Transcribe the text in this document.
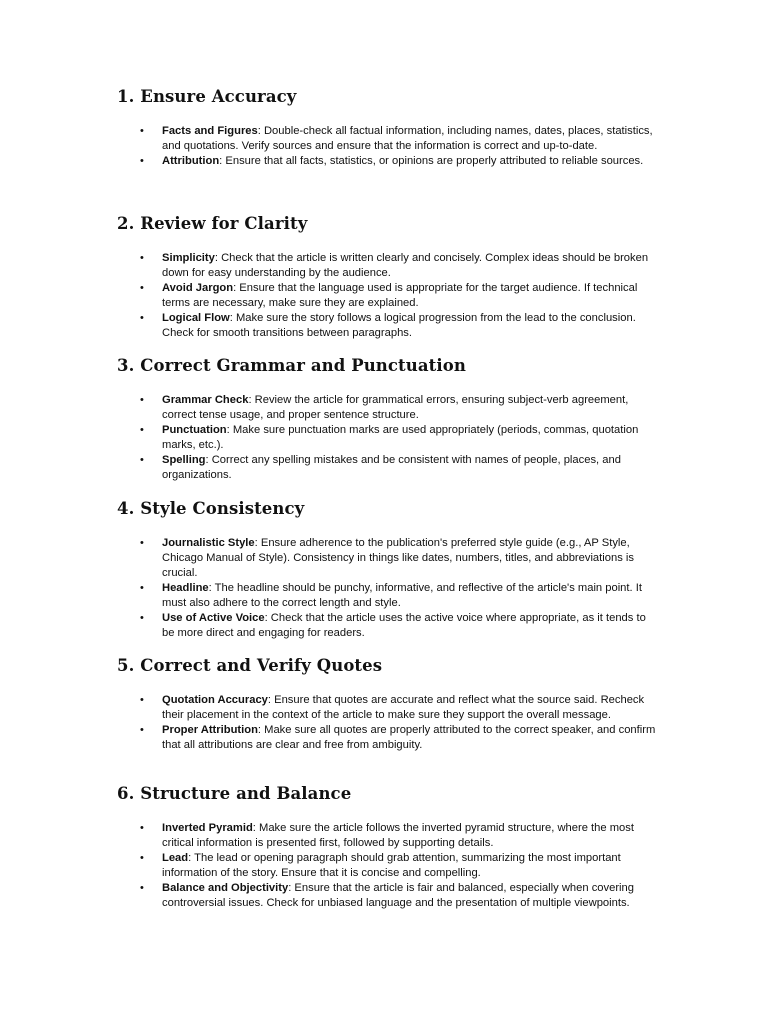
1. Ensure Accuracy
• Facts and Figures: Double-check all factual information, including names, dates, places, statistics, and quotations. Verify sources and ensure that the information is correct and up-to-date.
• Attribution: Ensure that all facts, statistics, or opinions are properly attributed to reliable sources.
2. Review for Clarity
• Simplicity: Check that the article is written clearly and concisely. Complex ideas should be broken down for easy understanding by the audience.
• Avoid Jargon: Ensure that the language used is appropriate for the target audience. If technical terms are necessary, make sure they are explained.
• Logical Flow: Make sure the story follows a logical progression from the lead to the conclusion. Check for smooth transitions between paragraphs.
3. Correct Grammar and Punctuation
• Grammar Check: Review the article for grammatical errors, ensuring subject-verb agreement, correct tense usage, and proper sentence structure.
• Punctuation: Make sure punctuation marks are used appropriately (periods, commas, quotation marks, etc.).
• Spelling: Correct any spelling mistakes and be consistent with names of people, places, and organizations.
4. Style Consistency
• Journalistic Style: Ensure adherence to the publication's preferred style guide (e.g., AP Style, Chicago Manual of Style). Consistency in things like dates, numbers, titles, and abbreviations is crucial.
• Headline: The headline should be punchy, informative, and reflective of the article's main point. It must also adhere to the correct length and style.
• Use of Active Voice: Check that the article uses the active voice where appropriate, as it tends to be more direct and engaging for readers.
5. Correct and Verify Quotes
• Quotation Accuracy: Ensure that quotes are accurate and reflect what the source said. Recheck their placement in the context of the article to make sure they support the overall message.
• Proper Attribution: Make sure all quotes are properly attributed to the correct speaker, and confirm that all attributions are clear and free from ambiguity.
6. Structure and Balance
• Inverted Pyramid: Make sure the article follows the inverted pyramid structure, where the most critical information is presented first, followed by supporting details.
• Lead: The lead or opening paragraph should grab attention, summarizing the most important information of the story. Ensure that it is concise and compelling.
• Balance and Objectivity: Ensure that the article is fair and balanced, especially when covering controversial issues. Check for unbiased language and the presentation of multiple viewpoints.
